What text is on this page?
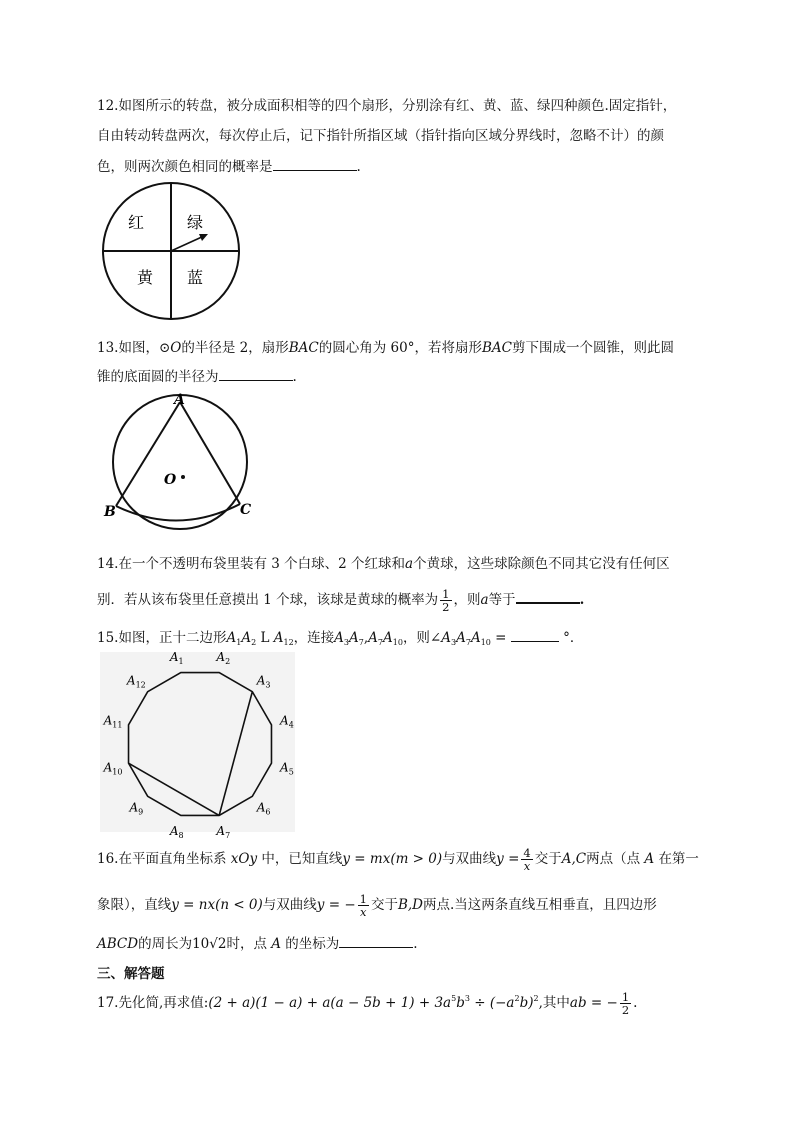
12.如图所示的转盘，被分成面积相等的四个扇形，分别涂有红、黄、蓝、绿四种颜色.固定指针，
自由转动转盘两次，每次停止后，记下指针所指区域（指针指向区域分界线时，忽略不计）的颜
色，则两次颜色相同的概率是	.
红	绿
黄 蓝
13.如图，⊙O的半径是 2，扇形BAC的圆心角为 60°，若将扇形BAC剪下围成一个圆锥，则此圆
锥的底面圆的半径为	.
A
B	C
O
14.在一个不透明布袋里装有 3 个白球、2 个红球和a个黄球，这些球除颜色不同其它没有任何区
别．若从该布袋里任意摸出 1 个球，该球是黄球的概率为 $\frac{1}{2}$ ，则a等于	.
15.如图，正十二边形$A_1A_2$ L $A_{12}$，连接$A_3A_7,A_7A_{10}$，则$\angle A_3A_7A_{10}$ =	°．
$A_1$	$A_2$
$A_3$
$A_4$
$A_5$
$A_6$
$A_7$
$A_8$
$A_9$
$A_{10}$
$A_{11}$
$A_{12}$
16.在平面直角坐标系 xOy 中，已知直线y = mx(m > 0)与双曲线$y = \frac{4}{x}$ 交于A,C两点（点 A 在第一
象限），直线y = nx(n < 0)与双曲线y = − $\frac{1}{x}$ 交于B,D两点.当这两条直线互相垂直，且四边形
ABCD的周长为10√2时，点 A 的坐标为	.
三、解答题
17.先化简,再求值:(2 + $a)(1 - a) + a(a - 5b + 1) + 3a^5b^3 \div (-a^2b)^2$,其中ab = − $\frac{1}{2}$ .
